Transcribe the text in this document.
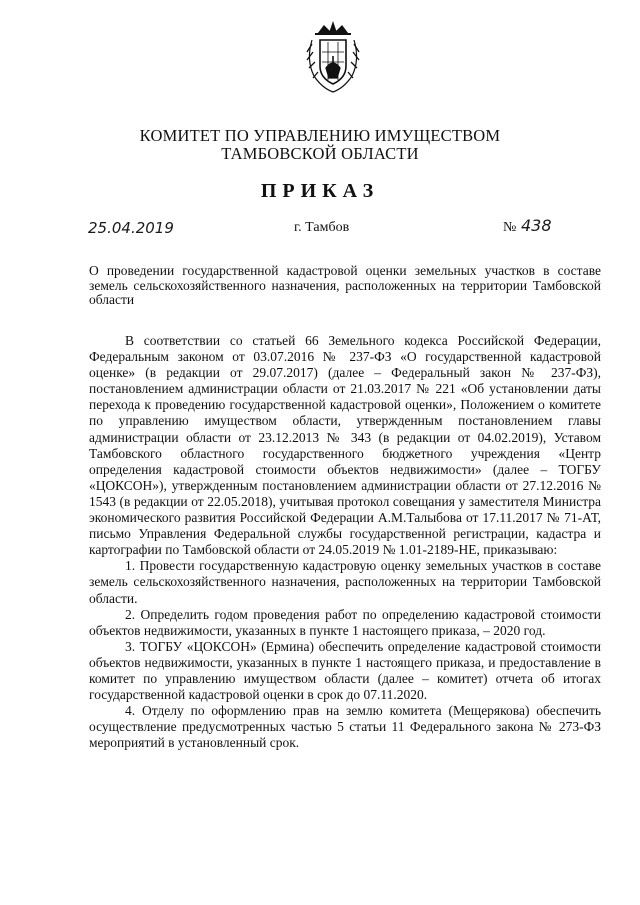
КОМИТЕТ ПО УПРАВЛЕНИЮ ИМУЩЕСТВОМ
ТАМБОВСКОЙ ОБЛАСТИ
ПРИКАЗ
25.04.2019	г. Тамбов	№ 438
О проведении государственной кадастровой оценки земельных участков в составе земель сельскохозяйственного назначения, расположенных на территории Тамбовской области

В соответствии со статьей 66 Земельного кодекса Российской Федерации, Федеральным законом от 03.07.2016 № 237-ФЗ «О государственной кадастровой оценке» (в редакции от 29.07.2017) (далее – Федеральный закон № 237-ФЗ), постановлением администрации области от 21.03.2017 № 221 «Об установлении даты перехода к проведению государственной кадастровой оценки», Положением о комитете по управлению имуществом области, утвержденным постановлением главы администрации области от 23.12.2013 № 343 (в редакции от 04.02.2019), Уставом Тамбовского областного государственного бюджетного учреждения «Центр определения кадастровой стоимости объектов недвижимости» (далее – ТОГБУ «ЦОКСОН»), утвержденным постановлением администрации области от 27.12.2016 № 1543 (в редакции от 22.05.2018), учитывая протокол совещания у заместителя Министра экономического развития Российской Федерации А.М.Талыбова от 17.11.2017 № 71-АТ, письмо Управления Федеральной службы государственной регистрации, кадастра и картографии по Тамбовской области от 24.05.2019 № 1.01-2189-НЕ, приказываю:

1. Провести государственную кадастровую оценку земельных участков в составе земель сельскохозяйственного назначения, расположенных на территории Тамбовской области.

2. Определить годом проведения работ по определению кадастровой стоимости объектов недвижимости, указанных в пункте 1 настоящего приказа, – 2020 год.

3. ТОГБУ «ЦОКСОН» (Ермина) обеспечить определение кадастровой стоимости объектов недвижимости, указанных в пункте 1 настоящего приказа, и предоставление в комитет по управлению имуществом области (далее – комитет) отчета об итогах государственной кадастровой оценки в срок до 07.11.2020.

4. Отделу по оформлению прав на землю комитета (Мещерякова) обеспечить осуществление предусмотренных частью 5 статьи 11 Федерального закона № 273-ФЗ мероприятий в установленный срок.
